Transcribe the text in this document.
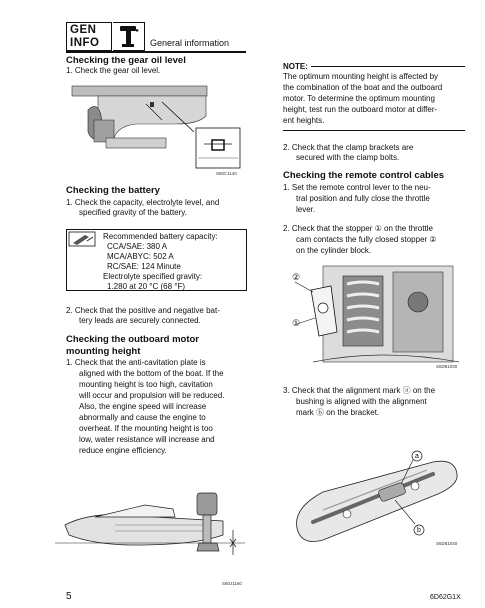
GEN
INFO	General information
Checking the gear oil level
1. Check the gear oil level.
S60C1140
Checking the battery
1. Check the capacity, electrolyte level, and
specified gravity of the battery.
Recommended battery capacity:
CCA/SAE: 380 A
MCA/ABYC: 502 A
RC/SAE: 124 Minute
Electrolyte specified gravity:
1.280 at 20 °C (68 °F)
2. Check that the positive and negative bat-
tery leads are securely connected.
Checking the outboard motor
mounting height
1. Check that the anti-cavitation plate is
aligned with the bottom of the boat. If the
mounting height is too high, cavitation
will occur and propulsion will be reduced.
Also, the engine speed will increase
abnormally and cause the engine to
overheat. If the mounting height is too
low, water resistance will increase and
reduce engine efficiency.
S60J1160
NOTE:
The optimum mounting height is affected by
the combination of the boat and the outboard
motor. To determine the optimum mounting
height, test run the outboard motor at differ-
ent heights.
2. Check that the clamp brackets are
secured with the clamp bolts.
Checking the remote control cables
1. Set the remote control lever to the neu-
tral position and fully close the throttle
lever.
2. Check that the stopper ① on the throttle
cam contacts the fully closed stopper ②
on the cylinder block.
②
①
S6D81030
3. Check that the alignment mark ⓐ on the
bushing is aligned with the alignment
mark ⓑ on the bracket.
a
b
S6D81040
5	6D62G1X
